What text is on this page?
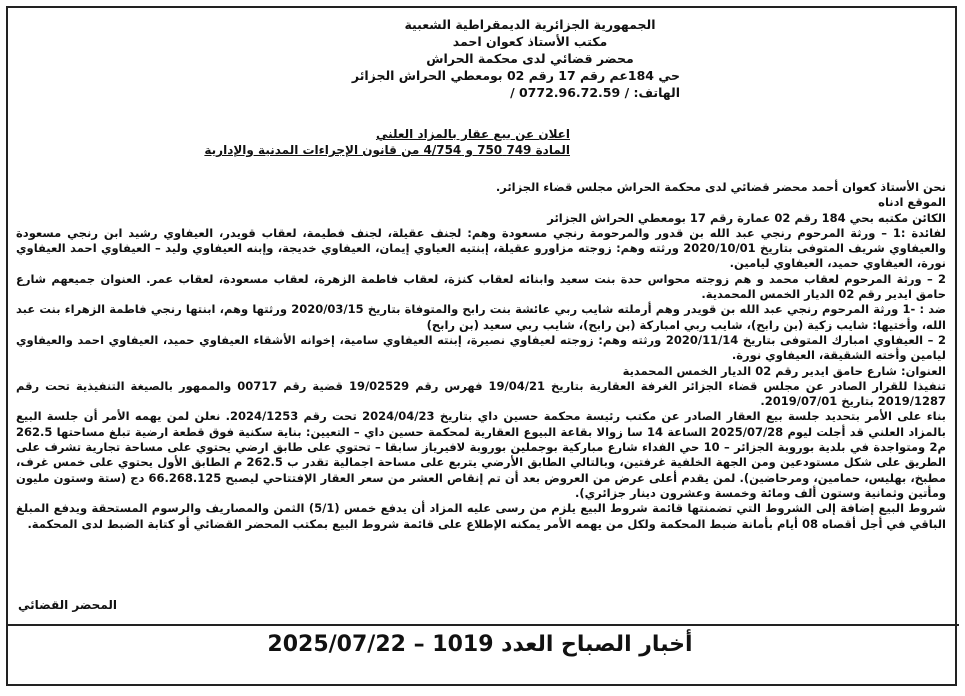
الجمهورية الجزائرية الديمقراطية الشعبية
مكتب الأستاذ كعوان احمد
محضر قضائي لدى محكمة الحراش
حي 184عم رقم 17 رقم 02 بومعطي الحراش الجزائر
الهاتف: / 0772.96.72.59 /
اعلان عن بيع عقار بالمزاد العلني
المادة 749 750 و 4/754 من قانون الإجراءات المدنية والإدارية

نحن الأستاذ كعوان أحمد محضر قضائي لدى محكمة الحراش مجلس قضاء الجزائر.

الموقع ادناه

الكائن مكتبه بحي 184 رقم 02 عمارة رقم 17 بومعطي الحراش الجزائر

لفائدة :1 – ورثة المرحوم رنجي عبد الله بن قدور والمرحومة رنجي مسعودة وهم: لجنف عقيلة، لجنف فطيمة، لعقاب قويدر، العيفاوي رشيد ابن رنجي مسعودة والعيفاوي شريف المتوفى بتاريخ 2020/10/01 ورثته وهم: زوجته مزاورو عقيلة، إبنتيه العياوي إيمان، العيفاوي خديجة، وإبنه العيفاوي وليد – العيفاوي احمد العيفاوي نورة، العيفاوي حميد، العيفاوي ليامين.

2 – ورثة المرحوم لعقاب محمد و هم زوجته محواس حدة بنت سعيد وابنائه لعقاب كنزة، لعقاب فاطمة الزهرة، لعقاب مسعودة، لعقاب عمر. العنوان جميعهم شارع حامق ايدير رقم 02 الديار الخمس المحمدية.

ضد : -1 ورثة المرحوم رنجي عبد الله بن قويدر وهم أرملته شايب ربي عائشة بنت رابح والمتوفاة بتاريخ 2020/03/15 ورثتها وهم، ابنتها رنجي فاطمة الزهراء بنت عبد الله، وأختيها: شايب زكية (بن رابح)، شايب ربي امباركة (بن رابح)، شايب ربي سعيد (بن رابح)

2 – العيفاوي امبارك المتوفى بتاريخ 2020/11/14 ورثته وهم: زوجته لعيفاوي نصيرة، إبنته العيفاوي سامية، إخوانه الأشقاء العيفاوي حميد، العيفاوي احمد والعيفاوي ليامين وأخته الشقيقة، العيفاوي نورة.

العنوان: شارع حامق ايدير رقم 02 الديار الخمس المحمدية

تنفيذا للقرار الصادر عن مجلس قضاء الجزائر الغرفة العقارية بتاريخ 19/04/21 فهرس رقم 19/02529 قضية رقم 00717 والممهور بالصيغة التنفيذية تحت رقم 2019/1287 بتاريخ 2019/07/01.

بناء على الأمر بتحديد جلسة بيع العقار الصادر عن مكتب رئيسة محكمة حسين داي بتاريخ 2024/04/23 تحت رقم 2024/1253. نعلن لمن يهمه الأمر أن جلسة البيع بالمزاد العلني قد أجلت ليوم 2025/07/28 الساعة 14 سا زوالا بقاعة البيوع العقارية لمحكمة حسين داي – التعيين: بناية سكنية فوق قطعة ارضية تبلغ مساحتها 262.5 م2 ومتواجدة في بلدية بوروبة الجزائر – 10 حي الفداء شارع مباركية بوجملين بوروبة لافيرياز سابقا – تحتوي على طابق ارضي يحتوي على مساحة تجارية تشرف على الطريق على شكل مستودعين ومن الجهة الخلفية غرفتين، وبالتالي الطابق الأرضي يتربع على مساحة اجمالية تقدر ب 262.5 م الطابق الأول يحتوي على خمس غرف، مطبخ، بهليس، حمامين، ومرحاضين). لمن يقدم أعلى عرض من العروض بعد أن تم إنقاص العشر من سعر العقار الإفتتاحي ليصبح 66.268.125 دج (ستة وستون مليون ومأتين وثمانية وستون ألف ومائة وخمسة وعشرون دينار جزائري).

شروط البيع إضافة إلى الشروط التي تضمنتها قائمة شروط البيع يلزم من رسى عليه المزاد أن يدفع خمس (5/1) الثمن والمصاريف والرسوم المستحقة ويدفع المبلغ الباقي في أجل أقصاه 08 أيام بأمانة ضبط المحكمة ولكل من يهمه الأمر يمكنه الإطلاع على قائمة شروط البيع بمكتب المحضر القضائي أو كتابة الضبط لدى المحكمة.

المحضر القضائي
أخبار الصباح العدد 1019 – 2025/07/22
